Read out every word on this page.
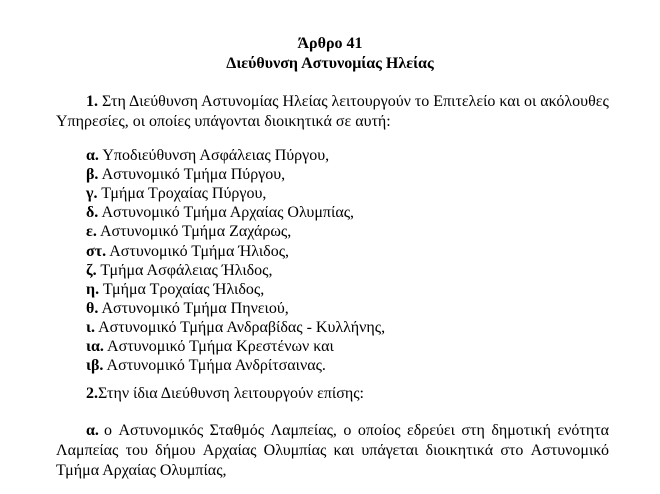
Άρθρο 41
Διεύθυνση Αστυνομίας Ηλείας
1. Στη Διεύθυνση Αστυνομίας Ηλείας λειτουργούν το Επιτελείο και οι ακόλουθες
Υπηρεσίες, οι οποίες υπάγονται διοικητικά σε αυτή:
α. Υποδιεύθυνση Ασφάλειας Πύργου,
β. Αστυνομικό Τμήμα Πύργου,
γ. Τμήμα Τροχαίας Πύργου,
δ. Αστυνομικό Τμήμα Αρχαίας Ολυμπίας,
ε. Αστυνομικό Τμήμα Ζαχάρως,
στ. Αστυνομικό Τμήμα Ήλιδος,
ζ. Τμήμα Ασφάλειας Ήλιδος,
η. Τμήμα Τροχαίας Ήλιδος,
θ. Αστυνομικό Τμήμα Πηνειού,
ι. Αστυνομικό Τμήμα Ανδραβίδας - Κυλλήνης,
ια. Αστυνομικό Τμήμα Κρεστένων και
ιβ. Αστυνομικό Τμήμα Ανδρίτσαινας.
2.Στην ίδια Διεύθυνση λειτουργούν επίσης:
α. ο Αστυνομικός Σταθμός Λαμπείας, ο οποίος εδρεύει στη δημοτική ενότητα
Λαμπείας του δήμου Αρχαίας Ολυμπίας και υπάγεται διοικητικά στο Αστυνομικό
Τμήμα Αρχαίας Ολυμπίας,
